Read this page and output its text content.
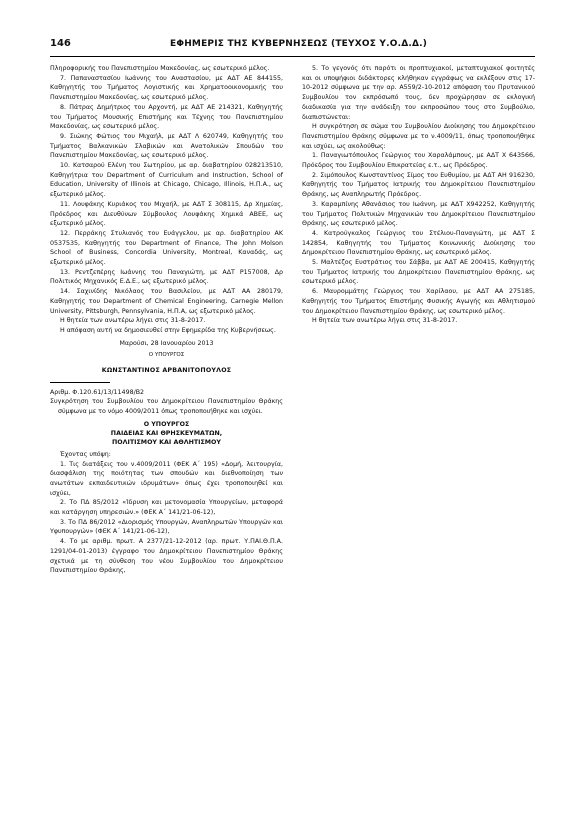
146	ΕΦΗΜΕΡΙΣ ΤΗΣ ΚΥΒΕΡΝΗΣΕΩΣ (ΤΕΥΧΟΣ Υ.Ο.Δ.Δ.)

Πληροφορικής του Πανεπιστημίου Μακεδονίας, ως εσωτερικό μέλος.

7. Παπαναστασίου Ιωάννης του Αναστασίου, με ΑΔΤ ΑΕ 844155, Καθηγητής του Τμήματος Λογιστικής και Χρηματοοικονομικής του Πανεπιστημίου Μακεδονίας, ως εσωτερικό μέλος.

8. Πάτρας Δημήτριος του Αρχοντή, με ΑΔΤ ΑΕ 214321, Καθηγητής του Τμήματος Μουσικής Επιστήμης και Τέχνης του Πανεπιστημίου Μακεδονίας, ως εσωτερικό μέλος.

9. Σιώκης Φώτιος του Μιχαήλ, με ΑΔΤ Λ 620749, Καθηγητής του Τμήματος Βαλκανικών Σλαβικών και Ανατολικών Σπουδών του Πανεπιστημίου Μακεδονίας, ως εσωτερικό μέλος.

10. Κατσαρού Ελένη του Σωτηρίου, με αρ. διαβατηρίου 028213510, Καθηγήτρια του Department of Curriculum and Instruction, School of Education, University of Illinois at Chicago, Chicago, Illinois, Η.Π.Α., ως εξωτερικό μέλος.

11. Λουφάκης Κυριάκος του Μιχαήλ, με ΑΔΤ Σ 308115, Δρ Χημείας, Πρόεδρος και Διευθύνων Σύμβουλος Λουφάκης Χημικά ΑΒΕΕ, ως εξωτερικό μέλος.

12. Περράκης Στυλιανός του Ευάγγελου, με αρ. διαβατηρίου ΑΚ 0537535, Καθηγητής του Department of Finance, The John Molson School of Business, Concordia University, Montreal, Καναδάς, ως εξωτερικό μέλος.

13. Ρεντζεπέρης Ιωάννης του Παναγιώτη, με ΑΔΤ Ρ157008, Δρ Πολιτικός Μηχανικός Ε.Δ.Ε., ως εξωτερικό μέλος.

14. Σαχινίδης Νικόλαος του Βασιλείου, με ΑΔΤ ΑΑ 280179, Καθηγητής του Department of Chemical Engineering, Carnegie Mellon University, Pittsburgh, Pennsylvania, Η.Π.Α, ως εξωτερικό μέλος.

Η θητεία των ανωτέρω λήγει στις 31-8-2017.

Η απόφαση αυτή να δημοσιευθεί στην Εφημερίδα της Κυβερνήσεως.

Μαρούσι, 28 Ιανουαρίου 2013

Ο ΥΠΟΥΡΓΟΣ

ΚΩΝΣΤΑΝΤΙΝΟΣ ΑΡΒΑΝΙΤΟΠΟΥΛΟΣ

Αριθμ. Φ.120.61/13/11498/Β2

Συγκρότηση του Συμβουλίου του Δημοκρίτειου Πανεπιστημίου Θράκης σύμφωνα με το νόμο 4009/2011 όπως τροποποιήθηκε και ισχύει.

Ο ΥΠΟΥΡΓΟΣ
ΠΑΙΔΕΙΑΣ ΚΑΙ ΘΡΗΣΚΕΥΜΑΤΩΝ,
ΠΟΛΙΤΙΣΜΟΥ ΚΑΙ ΑΘΛΗΤΙΣΜΟΥ

Έχοντας υπόψη:

1. Τις διατάξεις του ν.4009/2011 (ΦΕΚ Α΄ 195) «Δομή, λειτουργία, διασφάλιση της ποιότητας των σπουδών και διεθνοποίηση των ανωτάτων εκπαιδευτικών ιδρυμάτων» όπως έχει τροποποιηθεί και ισχύει,

2. Το ΠΔ 85/2012 «Ίδρυση και μετονομασία Υπουργείων, μεταφορά και κατάργηση υπηρεσιών.» (ΦΕΚ Α΄ 141/21-06-12),

3. Το ΠΔ 86/2012 «Διορισμός Υπουργών, Αναπληρωτών Υπουργών και Υφυπουργών» (ΦΕΚ Α΄ 141/21-06-12),

4. Το με αριθμ. πρωτ. Α 2377/21-12-2012 (αρ. πρωτ. Υ.ΠΑΙ.Θ.Π.Α. 1291/04-01-2013) έγγραφο του Δημοκρίτειου Πανεπιστημίου Θράκης σχετικά με τη σύνθεση του νέου Συμβουλίου του Δημοκρίτειου Πανεπιστημίου Θράκης,

5. Το γεγονός ότι παρότι οι προπτυχιακοί, μεταπτυχιακοί φοιτητές και οι υποψήφιοι διδάκτορες κλήθηκαν εγγράφως να εκλέξουν στις 17-10-2012 σύμφωνα με την αρ. Α559/2-10-2012 απόφαση του Πρυτανικού Συμβουλίου τον εκπρόσωπό τους, δεν προχώρησαν σε εκλογική διαδικασία για την ανάδειξη του εκπροσώπου τους στο Συμβούλιο, διαπιστώνεται:

Η συγκρότηση σε σώμα του Συμβουλίου Διοίκησης του Δημοκρίτειου Πανεπιστημίου Θράκης σύμφωνα με το ν.4009/11, όπως τροποποιήθηκε και ισχύει, ως ακολούθως:

1. Παναγιωτόπουλος Γεώργιος του Χαραλάμπους, με ΑΔΤ Χ 643566, Πρόεδρος του Συμβουλίου Επικρατείας ε.τ., ως Πρόεδρος.

2. Σιμόπουλος Κωνσταντίνος Σίμος του Ευθυμίου, με ΑΔΤ ΑΗ 916230, Καθηγητής του Τμήματος Ιατρικής του Δημοκρίτειου Πανεπιστημίου Θράκης, ως Αναπληρωτής Πρόεδρος.

3. Καραμπίνης Αθανάσιος του Ιωάννη, με ΑΔΤ Χ942252, Καθηγητής του Τμήματος Πολιτικών Μηχανικών του Δημοκρίτειου Πανεπιστημίου Θράκης, ως εσωτερικό μέλος.

4. Κατρούγκαλος Γεώργιος του Στέλιου-Παναγιώτη, με ΑΔΤ Σ 142854, Καθηγητής του Τμήματος Κοινωνικής Διοίκησης του Δημοκρίτειου Πανεπιστημίου Θράκης, ως εσωτερικό μέλος.

5. Μαλτέζος Ευστράτιος του Σάββα, με ΑΔΤ ΑΕ 200415, Καθηγητής του Τμήματος Ιατρικής του Δημοκρίτειου Πανεπιστημίου Θράκης, ως εσωτερικό μέλος.

6. Μαυρομμάτης Γεώργιος του Χαρίλαου, με ΑΔΤ ΑΑ 275185, Καθηγητής του Τμήματος Επιστήμης Φυσικής Αγωγής και Αθλητισμού του Δημοκρίτειου Πανεπιστημίου Θράκης, ως εσωτερικό μέλος.

Η θητεία των ανωτέρω λήγει στις 31-8-2017.
